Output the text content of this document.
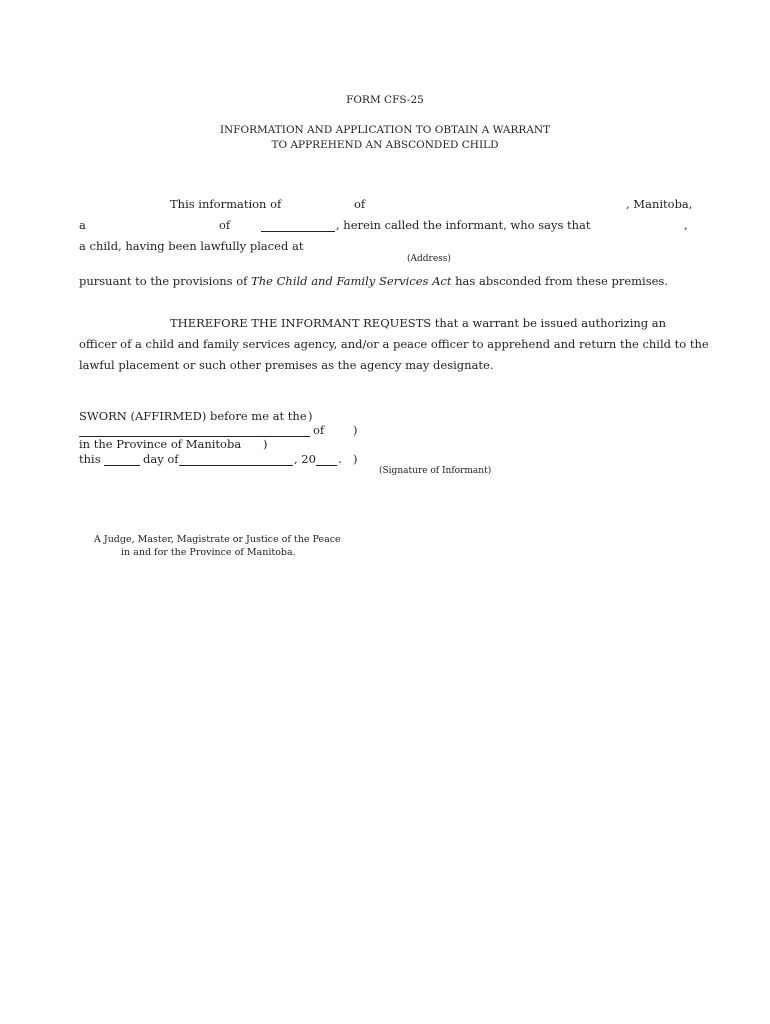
FORM CFS-25
INFORMATION AND APPLICATION TO OBTAIN A WARRANT
TO APPREHEND AN ABSCONDED CHILD
This information of	of	, Manitoba,
a	of	, herein called the informant, who says that	,
a child, having been lawfully placed at
(Address)
pursuant to the provisions of The Child and Family Services Act has absconded from these premises.
THEREFORE THE INFORMANT REQUESTS that a warrant be issued authorizing an
officer of a child and family services agency, and/or a peace officer to apprehend and return the child to the
lawful placement or such other premises as the agency may designate.
SWORN (AFFIRMED) before me at the )
of	)
in the Province of Manitoba )
this	day of	, 20 . )
(Signature of Informant)
A Judge, Master, Magistrate or Justice of the Peace
in and for the Province of Manitoba.
